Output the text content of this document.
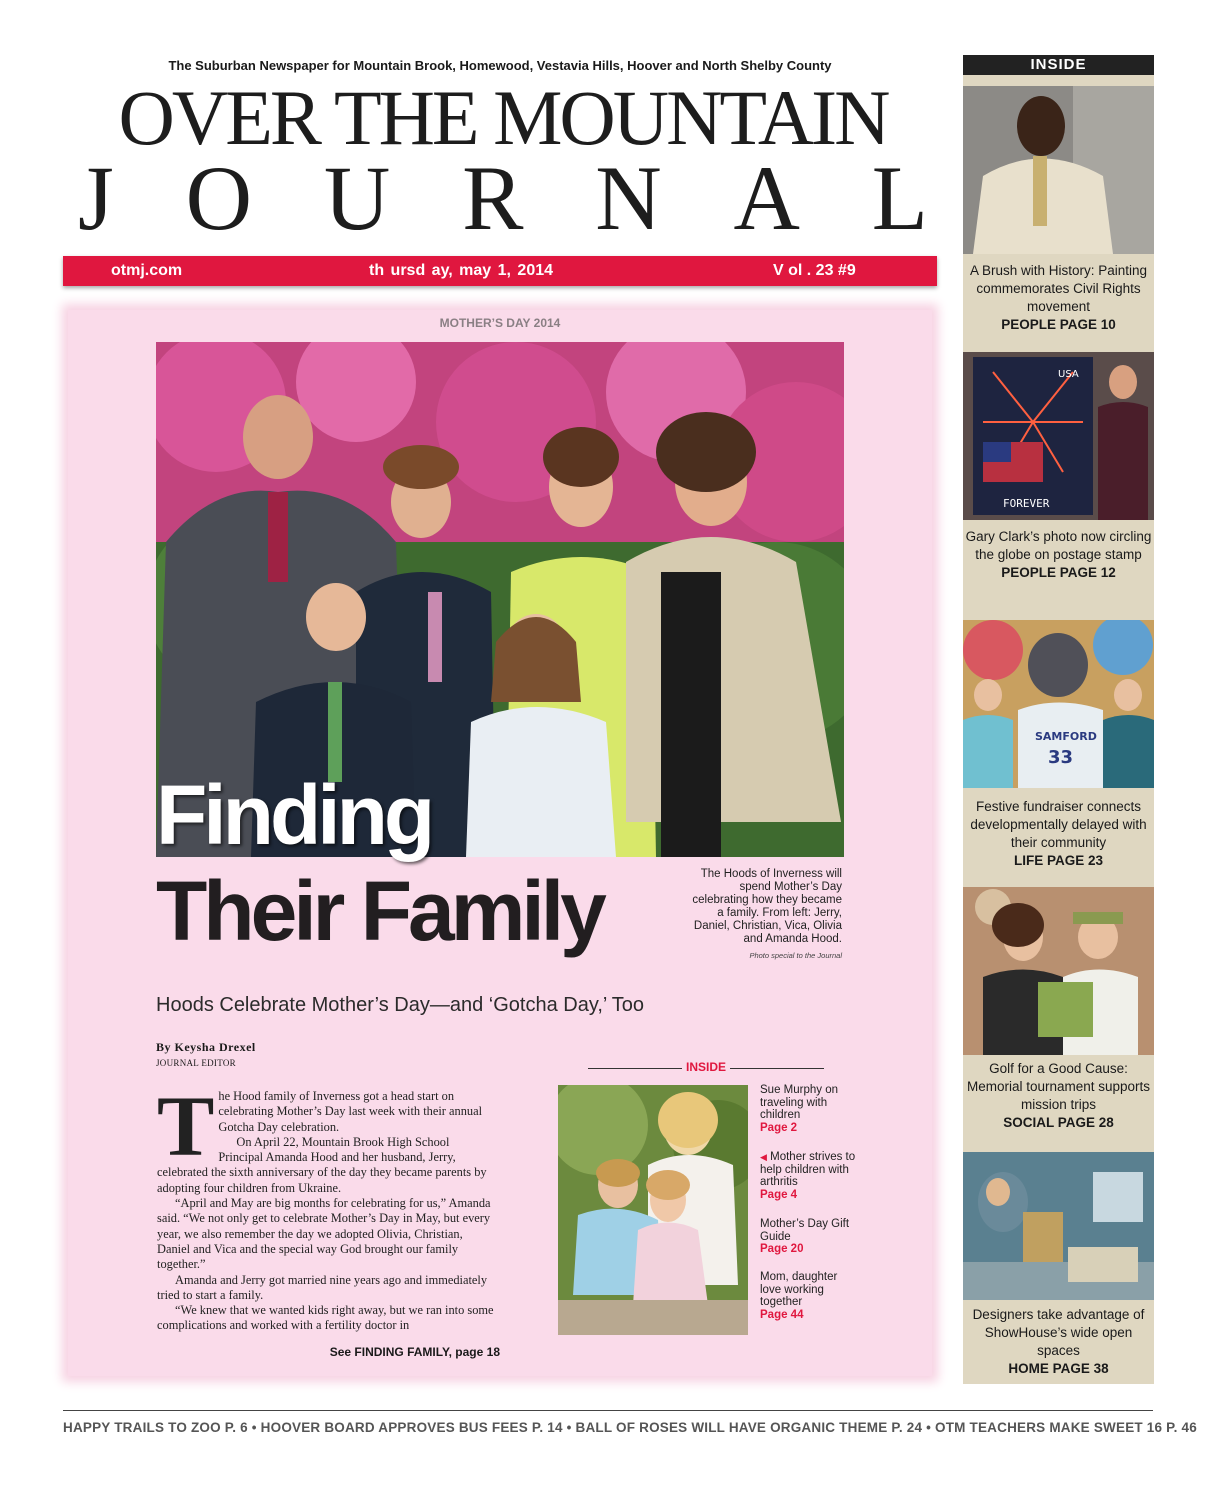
The Suburban Newspaper for Mountain Brook, Homewood, Vestavia Hills, Hoover and North Shelby County
OVER THE MOUNTAIN
J O U R N A L
otmj.com	th ursd ay, may 1, 2014	V ol . 23 #9
MOTHER’S DAY 2014
Finding
Their Family	The Hoods of Inverness will spend Mother’s Day celebrating how they became a family. From left: Jerry, Daniel, Christian, Vica, Olivia and Amanda Hood.
Photo special to the Journal
Hoods Celebrate Mother’s Day—and ‘Gotcha Day,’ Too
By Keysha Drexel
JOURNAL EDITOR
T he Hood family of Inverness got a head start on celebrating Mother’s Day last week with their annual Gotcha Day celebration.

On April 22, Mountain Brook High School Principal Amanda Hood and her husband, Jerry, celebrated the sixth anniversary of the day they became parents by adopting four children from Ukraine.

“April and May are big months for celebrating for us,” Amanda said. “We not only get to celebrate Mother’s Day in May, but every year, we also remember the day we adopted Olivia, Christian, Daniel and Vica and the special way God brought our family together.”

Amanda and Jerry got married nine years ago and immediately tried to start a family.

“We knew that we wanted kids right away, but we ran into some complications and worked with a fertility doctor in

See FINDING FAMILY, page 18
INSIDE
Sue Murphy on traveling with children
Page 2
◀ Mother strives to help children with arthritis
Page 4
Mother’s Day Gift Guide
Page 20
Mom, daughter love working together
Page 44
INSIDE
A Brush with History: Painting commemorates Civil Rights movement
PEOPLE PAGE 10
USA
FOREVER
Gary Clark’s photo now circling the globe on postage stamp
PEOPLE PAGE 12
SAMFORD
33
Festive fundraiser connects developmentally delayed with their community
LIFE PAGE 23
Golf for a Good Cause: Memorial tournament supports mission trips
SOCIAL PAGE 28
Designers take advantage of ShowHouse’s wide open spaces
HOME PAGE 38
HAPPY TRAILS TO ZOO P. 6 • HOOVER BOARD APPROVES BUS FEES P. 14 • BALL OF ROSES WILL HAVE ORGANIC THEME P. 24 • OTM TEACHERS MAKE SWEET 16 P. 46
